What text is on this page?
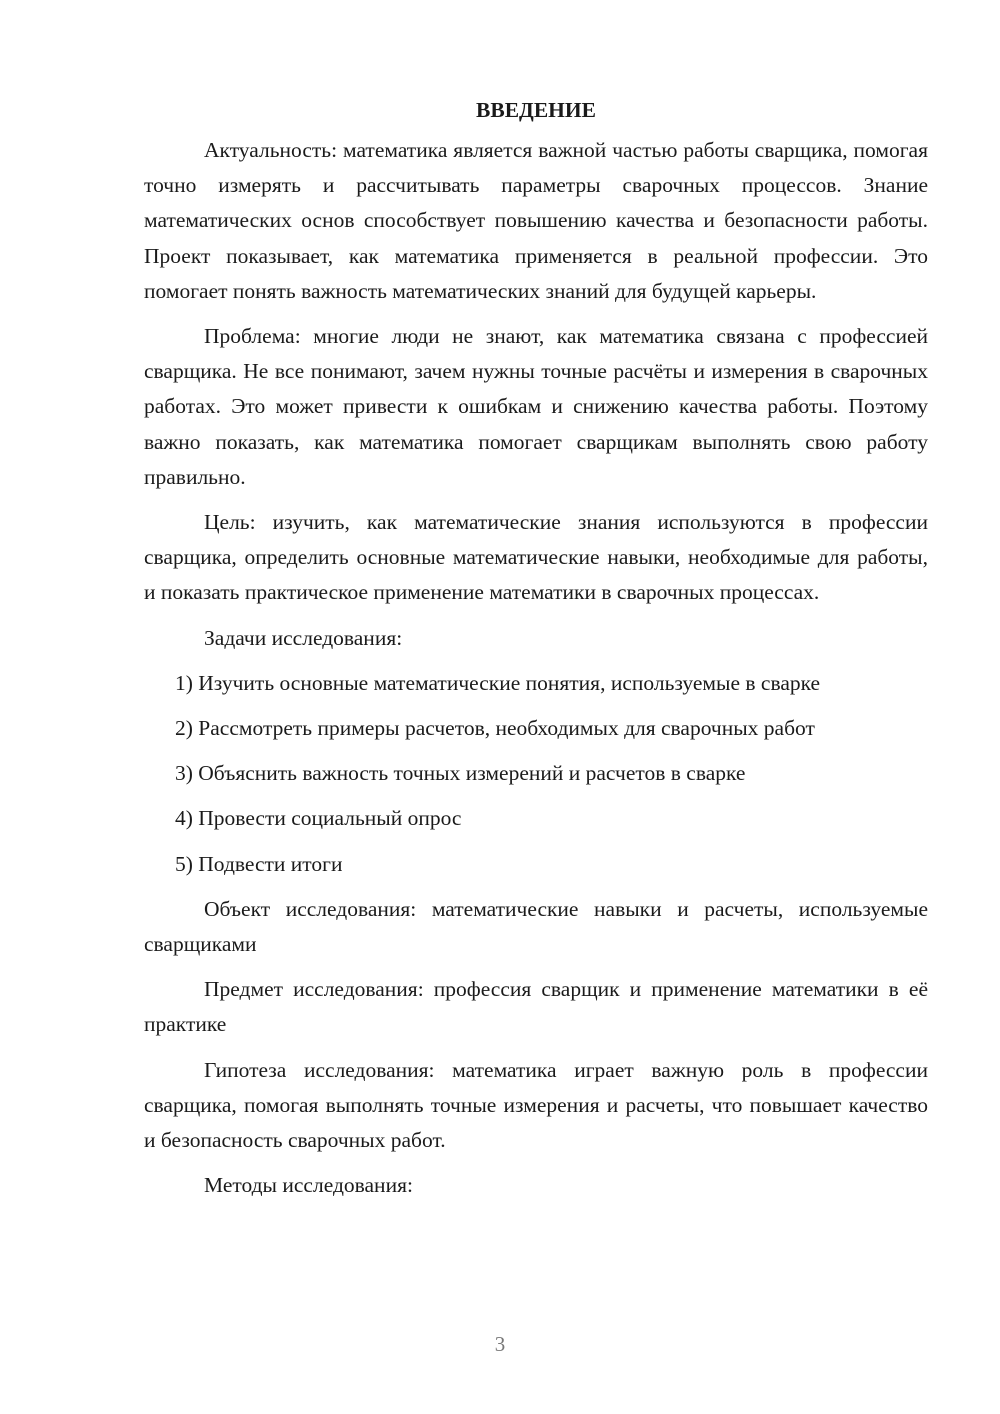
ВВЕДЕНИЕ

Актуальность: математика является важной частью работы сварщика, помогая точно измерять и рассчитывать параметры сварочных процессов. Знание математических основ способствует повышению качества и безопасности работы. Проект показывает, как математика применяется в реальной профессии. Это помогает понять важность математических знаний для будущей карьеры.

Проблема: многие люди не знают, как математика связана с профессией сварщика. Не все понимают, зачем нужны точные расчёты и измерения в сварочных работах. Это может привести к ошибкам и снижению качества работы. Поэтому важно показать, как математика помогает сварщикам выполнять свою работу правильно.

Цель: изучить, как математические знания используются в профессии сварщика, определить основные математические навыки, необходимые для работы, и показать практическое применение математики в сварочных процессах.

Задачи исследования:

1) Изучить основные математические понятия, используемые в сварке
2) Рассмотреть примеры расчетов, необходимых для сварочных работ
3) Объяснить важность точных измерений и расчетов в сварке
4) Провести социальный опрос
5) Подвести итоги

Объект исследования: математические навыки и расчеты, используемые сварщиками

Предмет исследования: профессия сварщик и применение математики в её практике

Гипотеза исследования: математика играет важную роль в профессии сварщика, помогая выполнять точные измерения и расчеты, что повышает качество и безопасность сварочных работ.

Методы исследования:

3
